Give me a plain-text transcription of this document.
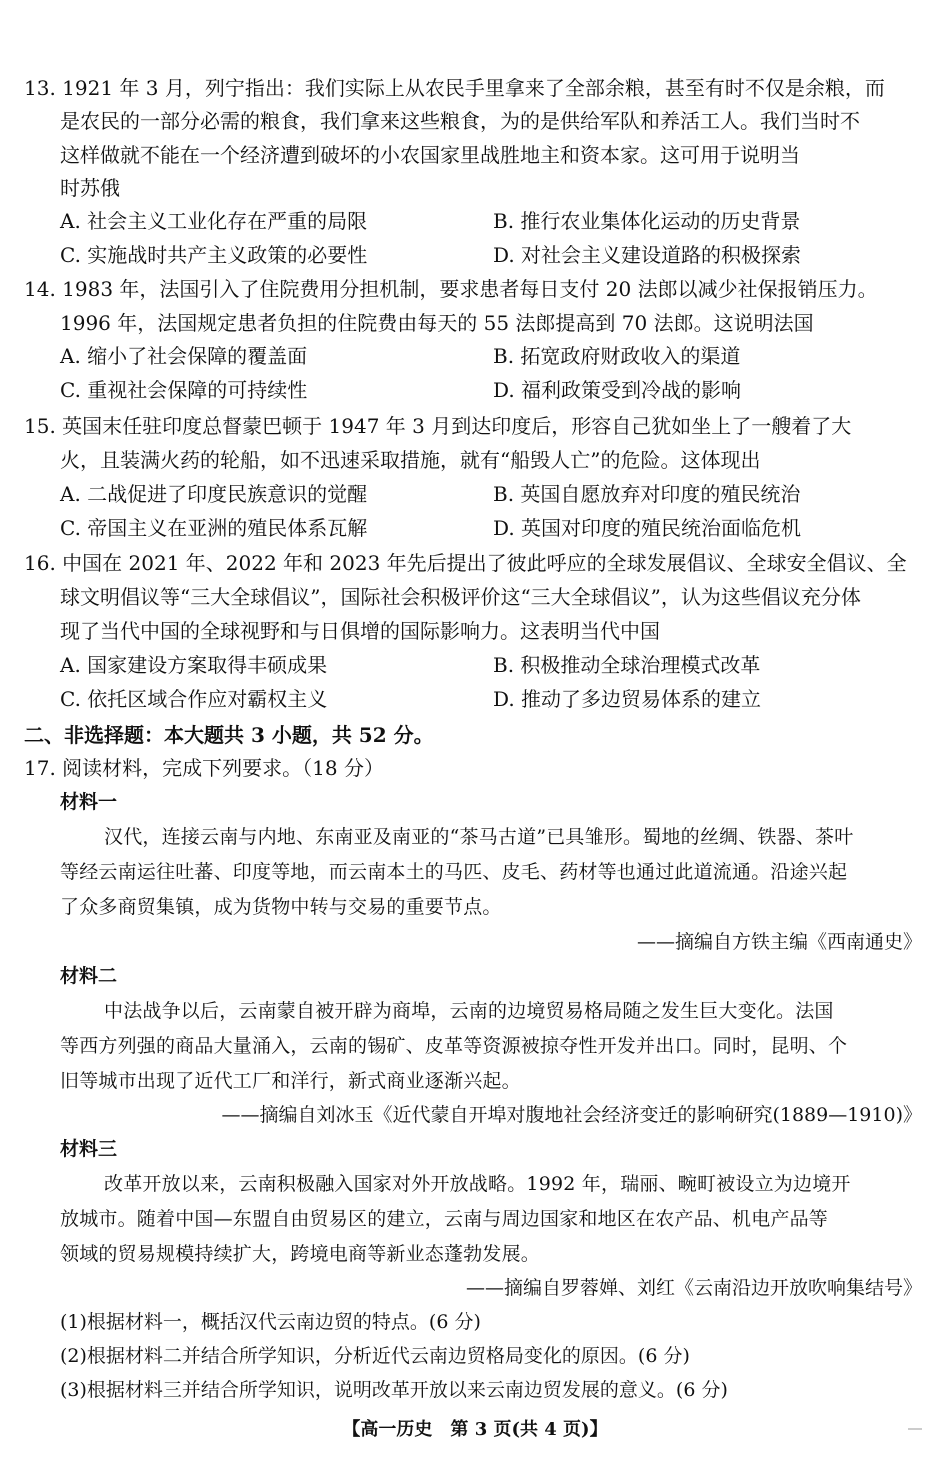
13. 1921 年 3 月，列宁指出：我们实际上从农民手里拿来了全部余粮，甚至有时不仅是余粮，而
是农民的一部分必需的粮食，我们拿来这些粮食，为的是供给军队和养活工人。我们当时不
这样做就不能在一个经济遭到破坏的小农国家里战胜地主和资本家。这可用于说明当
时苏俄
A. 社会主义工业化存在严重的局限	B. 推行农业集体化运动的历史背景
C. 实施战时共产主义政策的必要性	D. 对社会主义建设道路的积极探索
14. 1983 年，法国引入了住院费用分担机制，要求患者每日支付 20 法郎以减少社保报销压力。
1996 年，法国规定患者负担的住院费由每天的 55 法郎提高到 70 法郎。这说明法国
A. 缩小了社会保障的覆盖面	B. 拓宽政府财政收入的渠道
C. 重视社会保障的可持续性	D. 福利政策受到冷战的影响
15. 英国末任驻印度总督蒙巴顿于 1947 年 3 月到达印度后，形容自己犹如坐上了一艘着了大
火，且装满火药的轮船，如不迅速采取措施，就有“船毁人亡”的危险。这体现出
A. 二战促进了印度民族意识的觉醒	B. 英国自愿放弃对印度的殖民统治
C. 帝国主义在亚洲的殖民体系瓦解	D. 英国对印度的殖民统治面临危机
16. 中国在 2021 年、2022 年和 2023 年先后提出了彼此呼应的全球发展倡议、全球安全倡议、全
球文明倡议等“三大全球倡议”，国际社会积极评价这“三大全球倡议”，认为这些倡议充分体
现了当代中国的全球视野和与日俱增的国际影响力。这表明当代中国
A. 国家建设方案取得丰硕成果	B. 积极推动全球治理模式改革
C. 依托区域合作应对霸权主义	D. 推动了多边贸易体系的建立
二、非选择题：本大题共 3 小题，共 52 分。
17. 阅读材料，完成下列要求。（18 分）
材料一
汉代，连接云南与内地、东南亚及南亚的“茶马古道”已具雏形。蜀地的丝绸、铁器、茶叶
等经云南运往吐蕃、印度等地，而云南本土的马匹、皮毛、药材等也通过此道流通。沿途兴起
了众多商贸集镇，成为货物中转与交易的重要节点。
——摘编自方铁主编《西南通史》
材料二
中法战争以后，云南蒙自被开辟为商埠，云南的边境贸易格局随之发生巨大变化。法国
等西方列强的商品大量涌入，云南的锡矿、皮革等资源被掠夺性开发并出口。同时，昆明、个
旧等城市出现了近代工厂和洋行，新式商业逐渐兴起。
——摘编自刘冰玉《近代蒙自开埠对腹地社会经济变迁的影响研究(1889—1910)》
材料三
改革开放以来，云南积极融入国家对外开放战略。1992 年，瑞丽、畹町被设立为边境开
放城市。随着中国—东盟自由贸易区的建立，云南与周边国家和地区在农产品、机电产品等
领域的贸易规模持续扩大，跨境电商等新业态蓬勃发展。
——摘编自罗蓉婵、刘红《云南沿边开放吹响集结号》
(1)根据材料一，概括汉代云南边贸的特点。(6 分)
(2)根据材料二并结合所学知识，分析近代云南边贸格局变化的原因。(6 分)
(3)根据材料三并结合所学知识，说明改革开放以来云南边贸发展的意义。(6 分)
【高一历史　第 3 页(共 4 页)】
